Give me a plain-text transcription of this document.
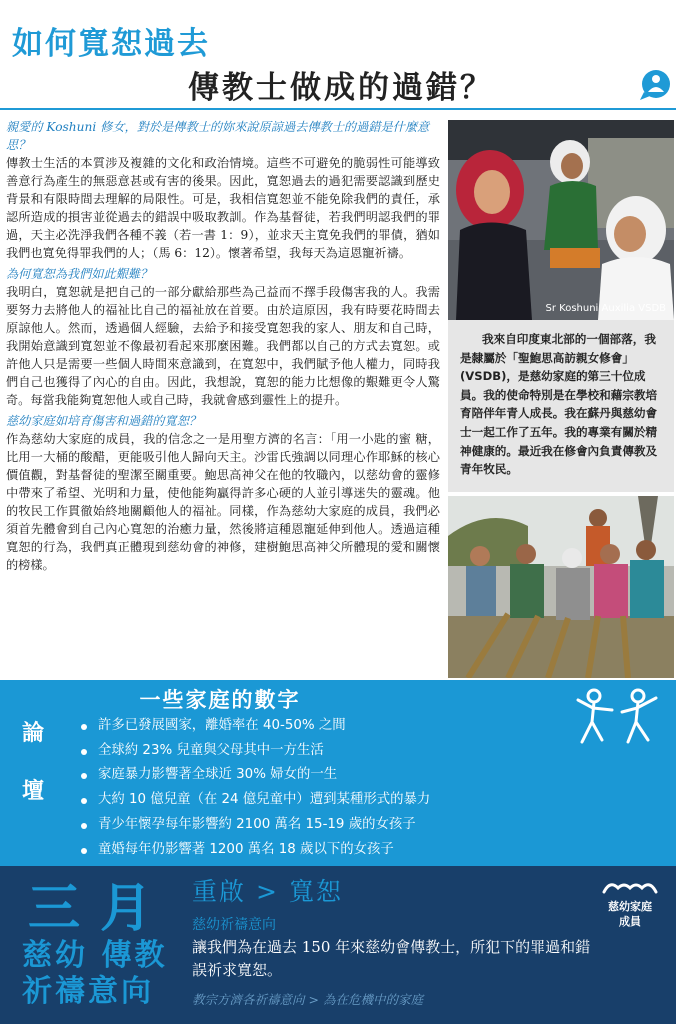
如何寬恕過去
傳教士做成的過錯？
親愛的 Koshuni 修女，對於是傳教士的妳來說原諒過去傳教士的過錯是什麼意思？

傳教士生活的本質涉及複雜的文化和政治情境。這些不可避免的脆弱性可能導致善意行為產生的無惡意甚或有害的後果。因此，寬恕過去的過犯需要認識到歷史背景和有限時間去理解的局限性。可是，我相信寬恕並不能免除我們的責任，承認所造成的損害並從過去的錯誤中吸取教訓。作為基督徒，若我們明認我們的罪過，天主必洗淨我們各種不義（若一書 1：9），並求天主寬免我們的罪債，猶如我們也寬免得罪我們的人；（馬 6：12）。懷著希望，我每天為這恩寵祈禱。

為何寬恕為我們如此艱難？

我明白，寬恕就是把自己的一部分獻給那些為己益而不擇手段傷害我的人。我需要努力去將他人的福祉比自己的福祉放在首要。由於這原因，我有時要花時間去原諒他人。然而，透過個人經驗，去給予和接受寬恕我的家人、朋友和自己時，我開始意識到寬恕並不像最初看起來那麼困難。我們都以自己的方式去寬恕。或許他人只是需要一些個人時間來意識到，在寬恕中，我們賦予他人權力，同時我們自己也獲得了內心的自由。因此，我想說，寬恕的能力比想像的艱難更令人驚奇。每當我能夠寬恕他人或自己時，我就會感到靈性上的提升。

慈幼家庭如培育傷害和過錯的寬恕？

作為慈幼大家庭的成員，我的信念之一是用聖方濟的名言：「用一小匙的蜜 糖，比用一大桶的酸醋，更能吸引他人歸向天主。沙雷氏強調以同理心作耶穌的核心價值觀，對基督徒的聖潔至關重要。鮑思高神父在他的牧職內，以慈幼會的靈修中帶來了希望、光明和力量，使他能夠贏得許多心硬的人並引導迷失的靈魂。他的牧民工作貫徹始終地關顧他人的福祉。同樣，作為慈幼大家庭的成員，我們必須首先體會到自己內心寬恕的治癒力量，然後將這種恩寵延伸到他人。透過這種寬恕的行為，我們真正體現到慈幼會的神修，建樹鮑思高神父所體現的愛和關懷的榜樣。

Sr Koshuni Auxilia VSDB

我來自印度東北部的一個部落，我是隸屬於「聖鮑思高訪親女修會」(VSDB)，是慈幼家庭的第三十位成員。我的使命特別是在學校和藉宗教培育陪伴年青人成長。我在蘇丹與慈幼會士一起工作了五年。我的專業有關於精神健康的。最近我在修會內負責傳教及青年牧民。

一些家庭的數字
論
壇
許多已發展國家，離婚率在 40-50% 之間
全球約 23% 兒童與父母其中一方生活
家庭暴力影響著全球近 30% 婦女的一生
大約 10 億兒童（在 24 億兒童中）遭到某種形式的暴力
青少年懷孕每年影響約 2100 萬名 15-19 歲的女孩子
童婚每年仍影響著 1200 萬名 18 歲以下的女孩子
三月
慈幼 傳教
祈禱意向
重啟 > 寬恕
慈幼祈禱意向

讓我們為在過去 150 年來慈幼會傳教士，所犯下的罪過和錯誤祈求寬恕。

教宗方濟各祈禱意向 > 為在危機中的家庭
慈幼家庭
成員
